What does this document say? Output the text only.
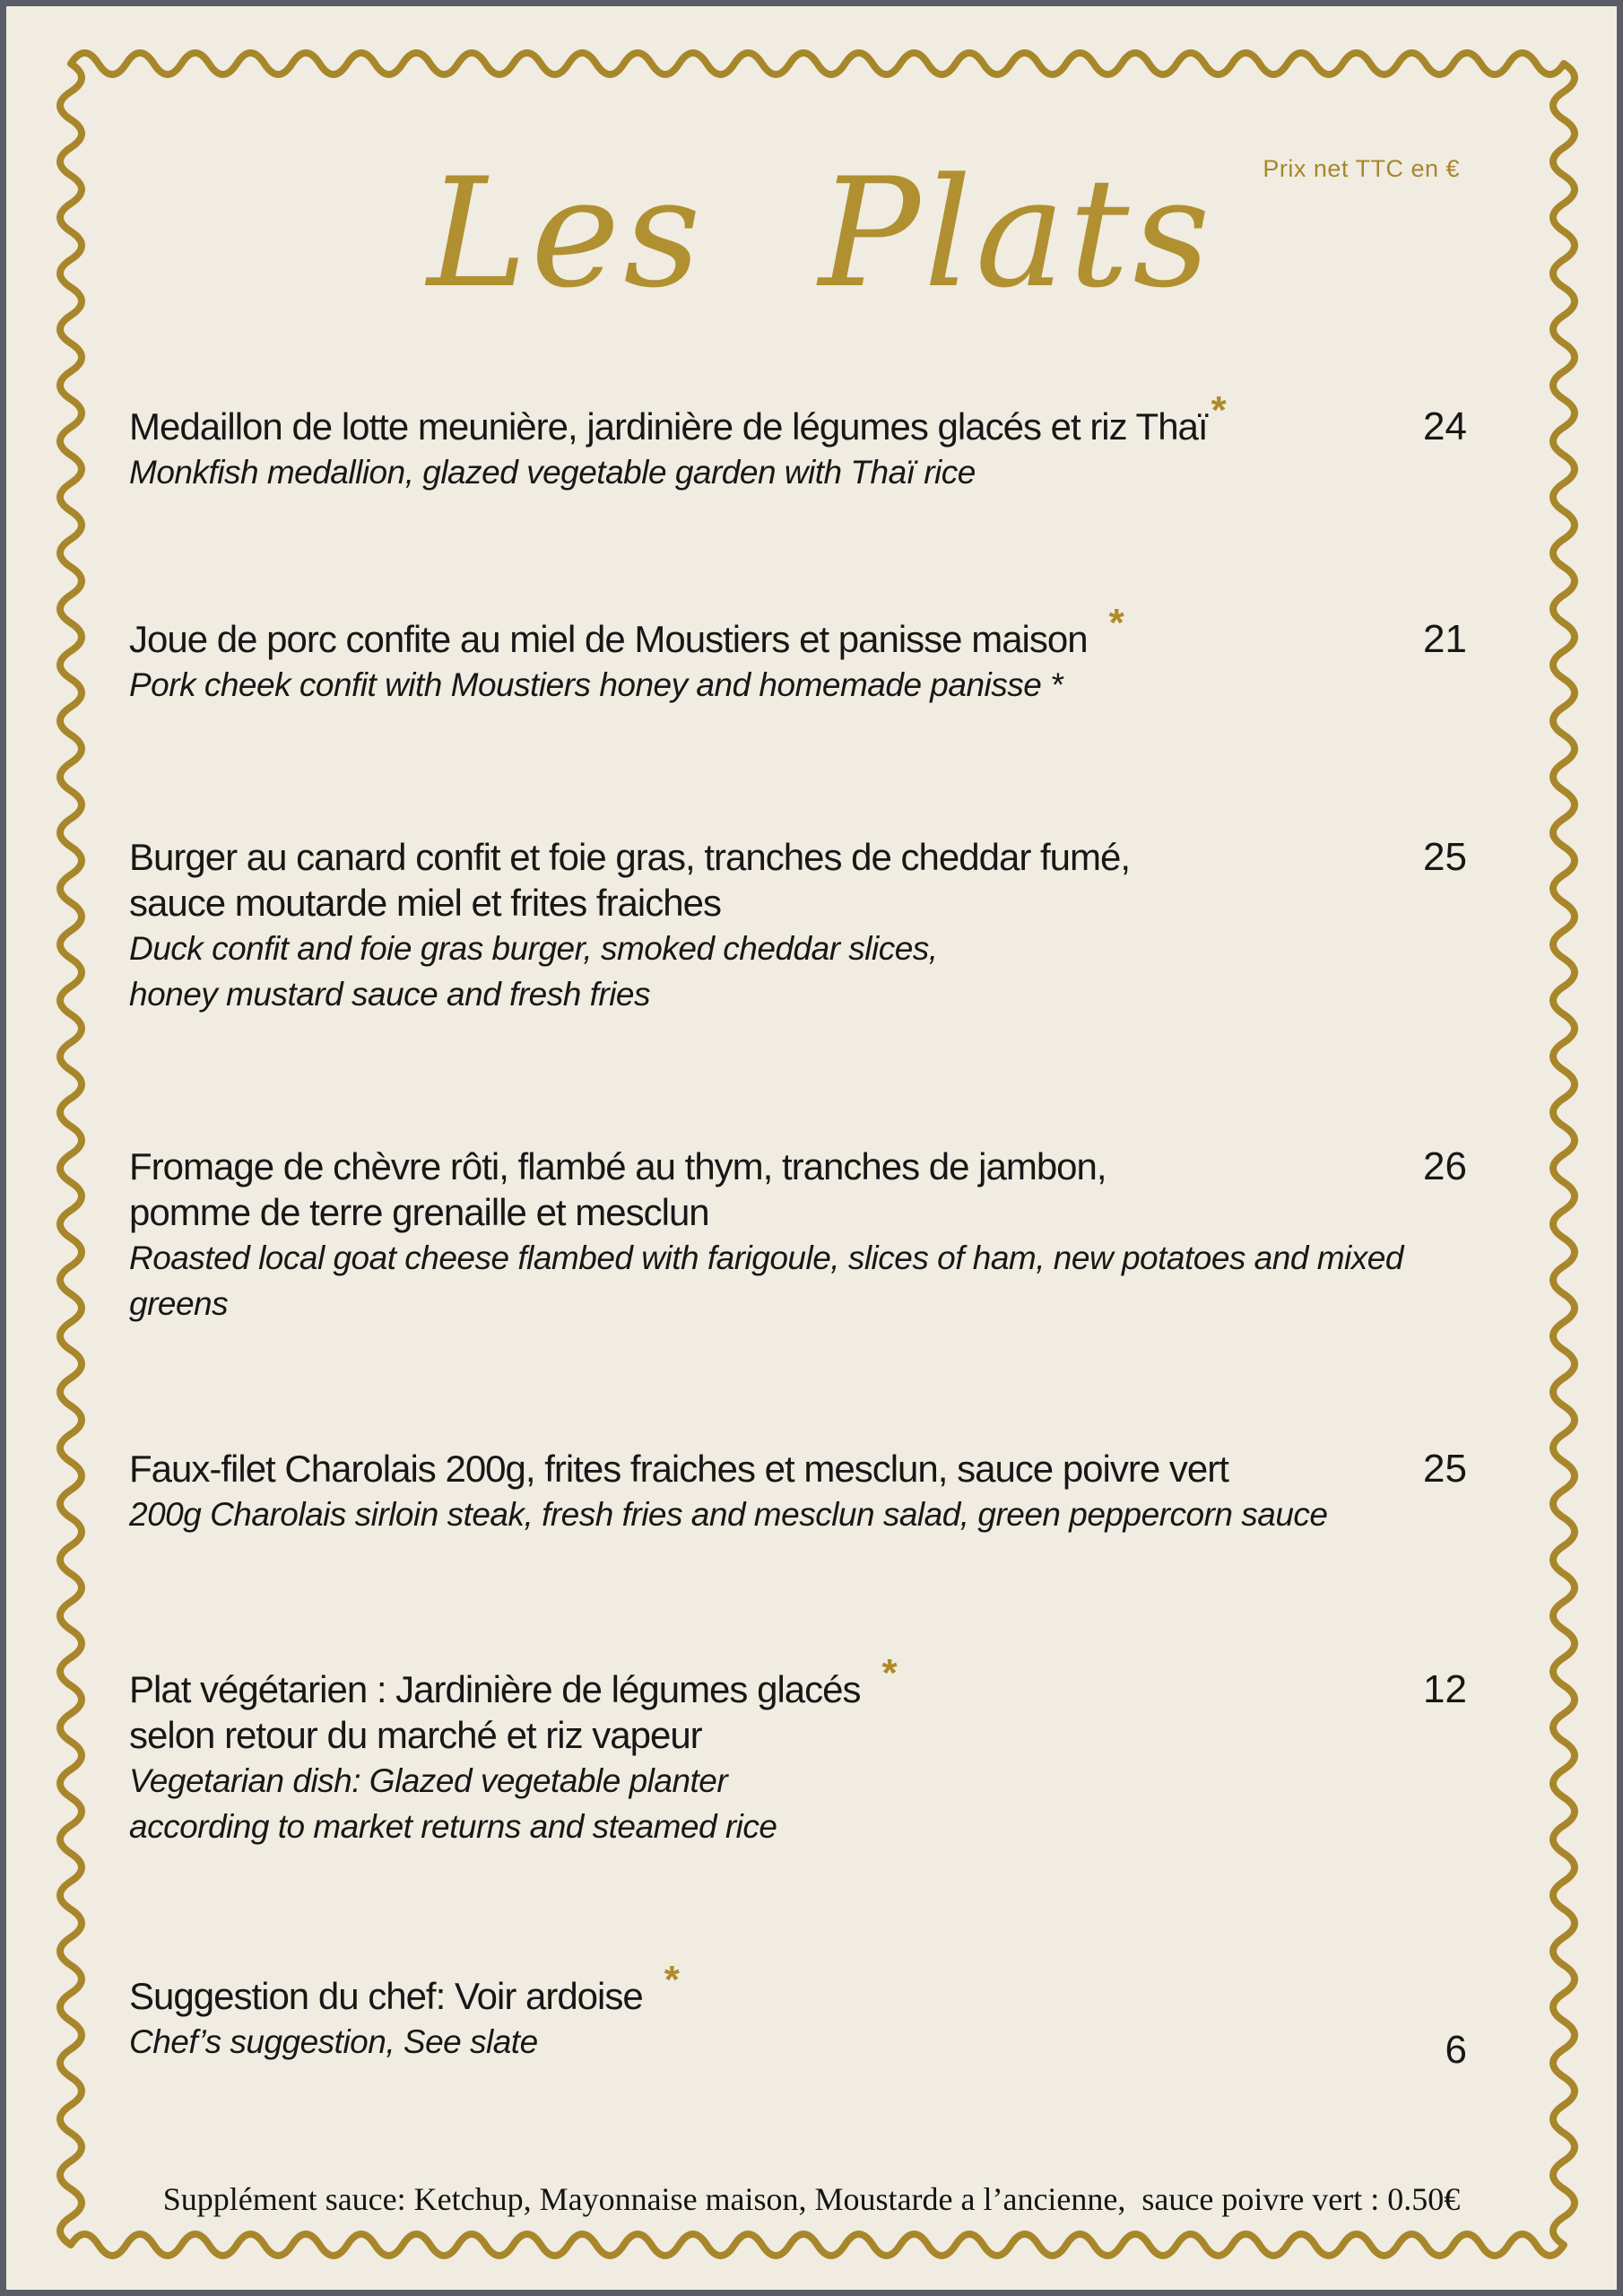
Les Plats	Prix net TTC en €
Medaillon de lotte meunière, jardinière de légumes glacés et riz Thaï*
Monkfish medallion, glazed vegetable garden with Thaï rice
24
Joue de porc confite au miel de Moustiers et panisse maison *
Pork cheek confit with Moustiers honey and homemade panisse *
21
Burger au canard confit et foie gras, tranches de cheddar fumé,
sauce moutarde miel et frites fraiches
Duck confit and foie gras burger, smoked cheddar slices,
honey mustard sauce and fresh fries
25
Fromage de chèvre rôti, flambé au thym, tranches de jambon,
pomme de terre grenaille et mesclun
Roasted local goat cheese flambed with farigoule, slices of ham, new potatoes and mixed
greens
26
Faux-filet Charolais 200g, frites fraiches et mesclun, sauce poivre vert
200g Charolais sirloin steak, fresh fries and mesclun salad, green peppercorn sauce
25
Plat végétarien : Jardinière de légumes glacés *
selon retour du marché et riz vapeur
Vegetarian dish: Glazed vegetable planter
according to market returns and steamed rice
12
Suggestion du chef: Voir ardoise *
Chef’s suggestion, See slate	6
Supplément sauce: Ketchup, Mayonnaise maison, Moustarde a l’ancienne,  sauce poivre vert : 0.50€
